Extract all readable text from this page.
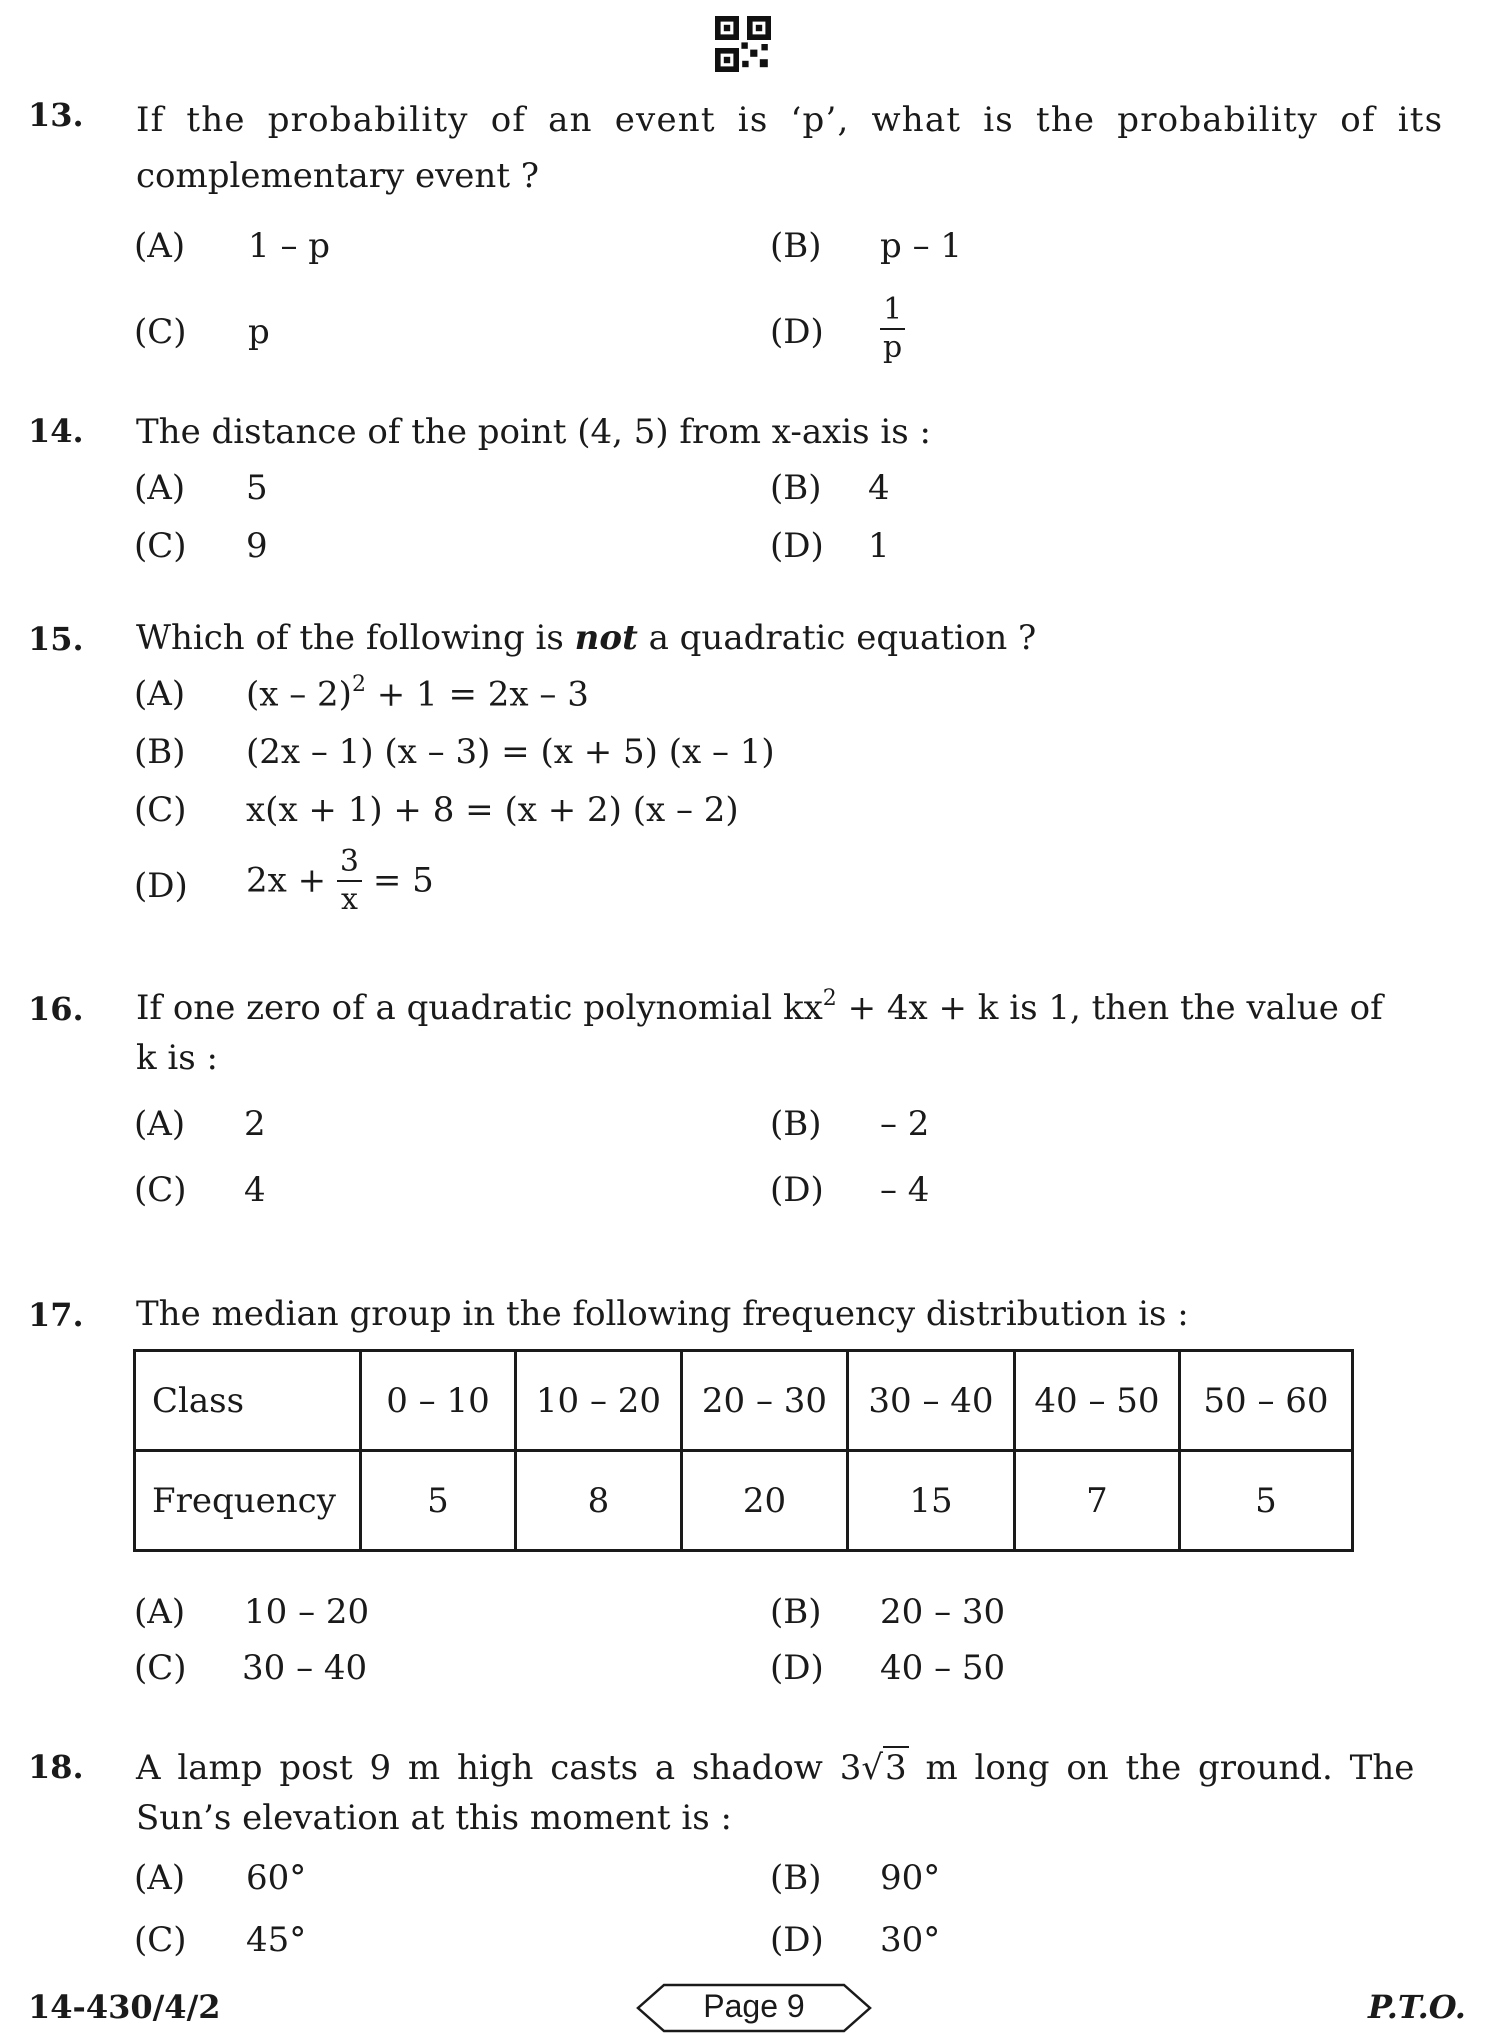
13. If the probability of an event is ‘p’, what is the probability of its
complementary event ?
(A) 1 – p	(B) p – 1
(C) p	$(D) \frac{1}{p}$
14. The distance of the point (4, 5) from x-axis is :
(A) 5	(B) 4
(C) 9	(D) 1
15. Which of the following is not a quadratic equation ?
(A) (x – 2)$^2$ + 1 = 2x – 3
(B) (2x – 1) (x – 3) = (x + 5) (x – 1)
(C) x(x + 1) + 8 = (x + 2) (x – 2)
(D) $2x + \frac{3}{x} = 5$
16. If one zero of a quadratic polynomial $kx^2 + 4x + k$ is 1, then the value of
k is :
(A) 2	(B) – 2
(C) 4	(D) – 4
17. The median group in the following frequency distribution is :
Class	0 – 10	10 – 20	20 – 30	30 – 40	40 – 50	50 – 60
Frequency	5	8	20	15	7	5
(A) 10 – 20	(B) 20 – 30
(C) 30 – 40	(D) 40 – 50
18. A lamp post 9 m high casts a shadow 3√3 m long on the ground. The
Sun’s elevation at this moment is :
(A) 60°	(B) 90°
(C) 45°	(D) 30°
14-430/4/2	Page 9	P.T.O.
